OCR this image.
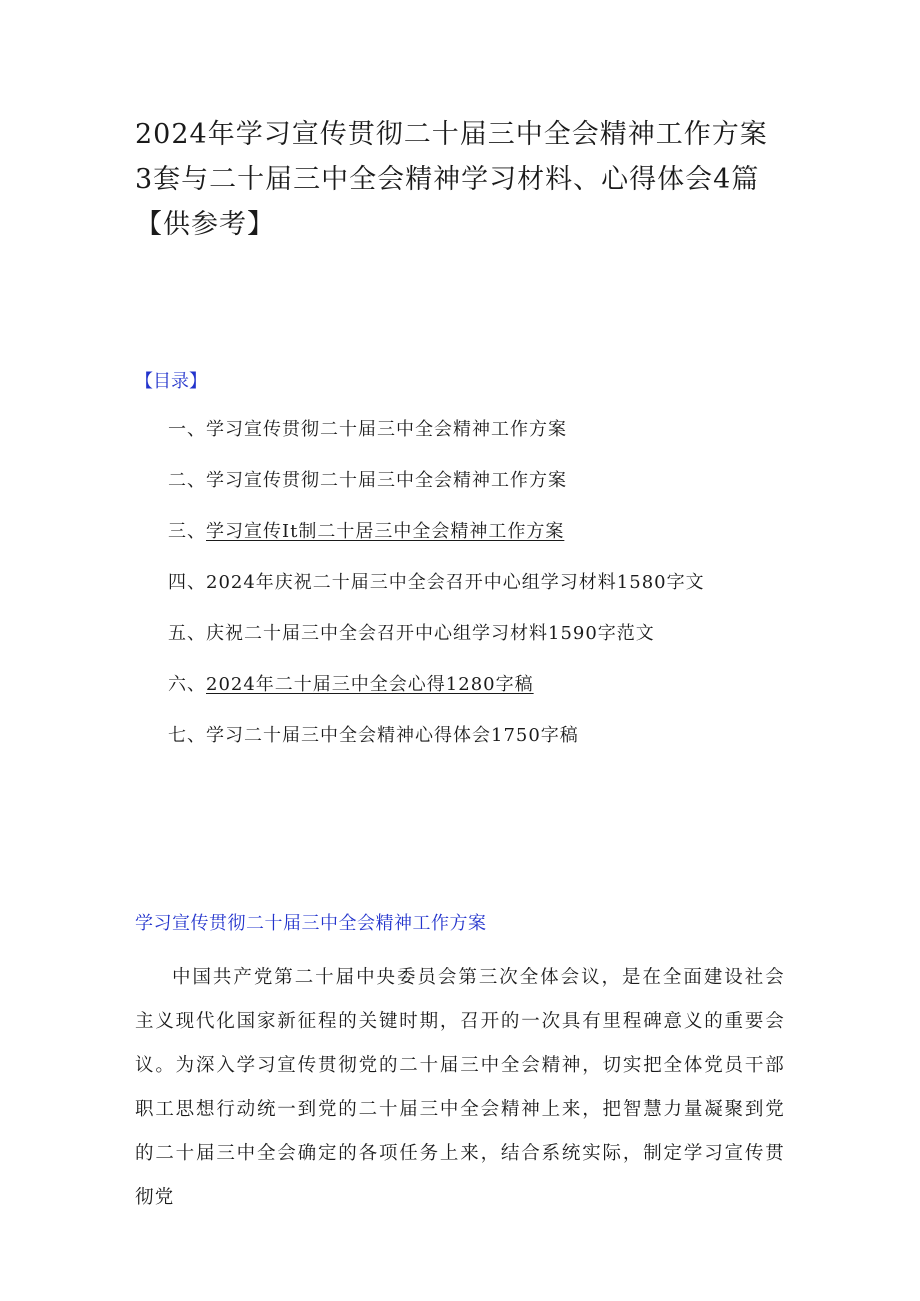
2024年学习宣传贯彻二十届三中全会精神工作方案3套与二十届三中全会精神学习材料、心得体会4篇【供参考】
【目录】
一、学习宣传贯彻二十届三中全会精神工作方案
二、学习宣传贯彻二十届三中全会精神工作方案
三、学习宣传It制二十居三中全会精神工作方案
四、2024年庆祝二十届三中全会召开中心组学习材料1580字文
五、庆祝二十届三中全会召开中心组学习材料1590字范文
六、2024年二十届三中全会心得1280字稿
七、学习二十届三中全会精神心得体会1750字稿
学习宣传贯彻二十届三中全会精神工作方案

中国共产党第二十届中央委员会第三次全体会议，是在全面建设社会主义现代化国家新征程的关键时期，召开的一次具有里程碑意义的重要会议。为深入学习宣传贯彻党的二十届三中全会精神，切实把全体党员干部职工思想行动统一到党的二十届三中全会精神上来，把智慧力量凝聚到党的二十届三中全会确定的各项任务上来，结合系统实际，制定学习宣传贯彻党
